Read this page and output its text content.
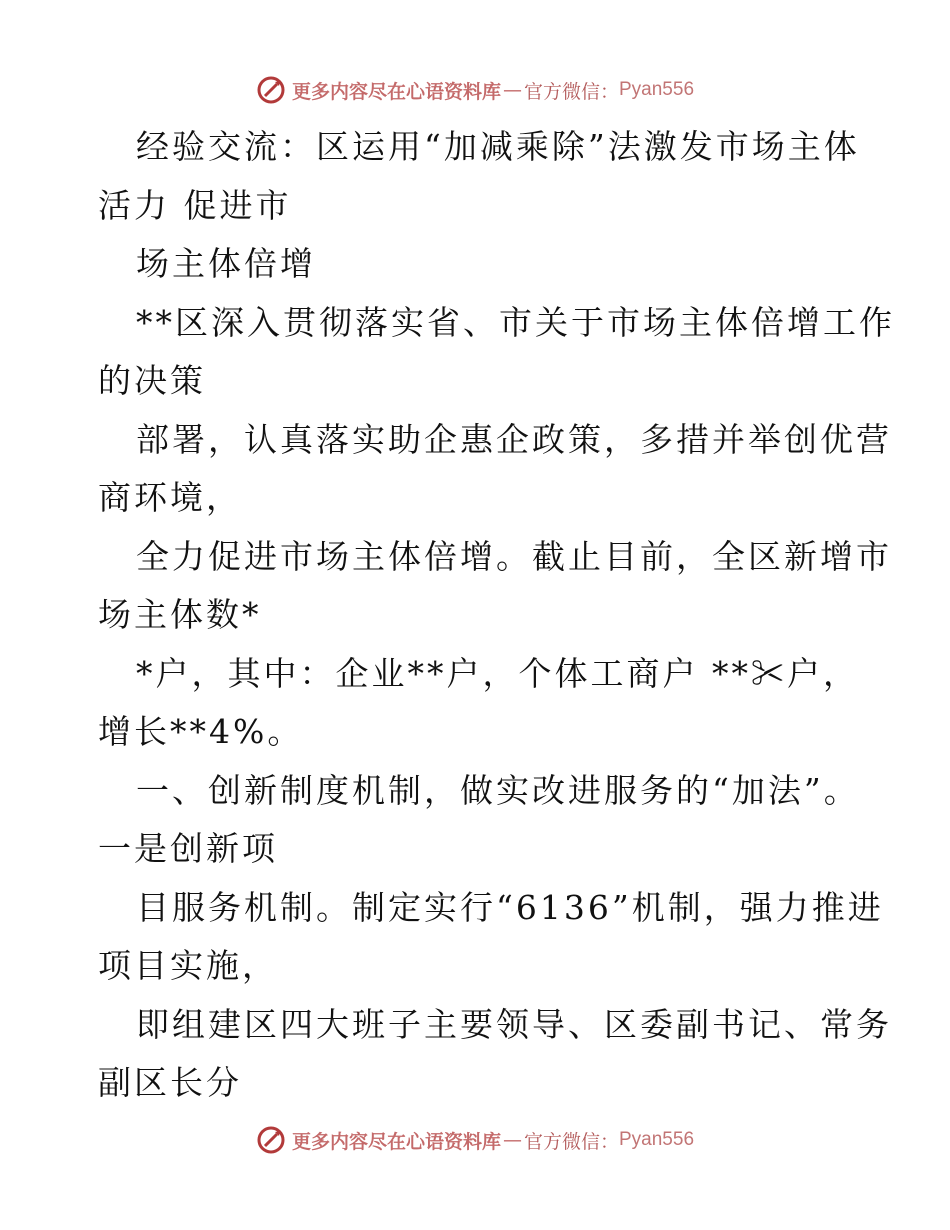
更多内容尽在心语资料库 — 官方微信： Pyan556
经验交流：区运用“加减乘除”法激发市场主体
活力 促进市
场主体倍增
**区深入贯彻落实省、市关于市场主体倍增工作
的决策
部署，认真落实助企惠企政策，多措并举创优营
商环境，
全力促进市场主体倍增。截止目前，全区新增市
场主体数*
*户，其中：企业**户，个体工商户 **✂户，
增长**4%。
一、创新制度机制，做实改进服务的“加法”。
一是创新项
目服务机制。制定实行“6136”机制，强力推进
项目实施，
即组建区四大班子主要领导、区委副书记、常务
副区长分
更多内容尽在心语资料库 — 官方微信： Pyan556
